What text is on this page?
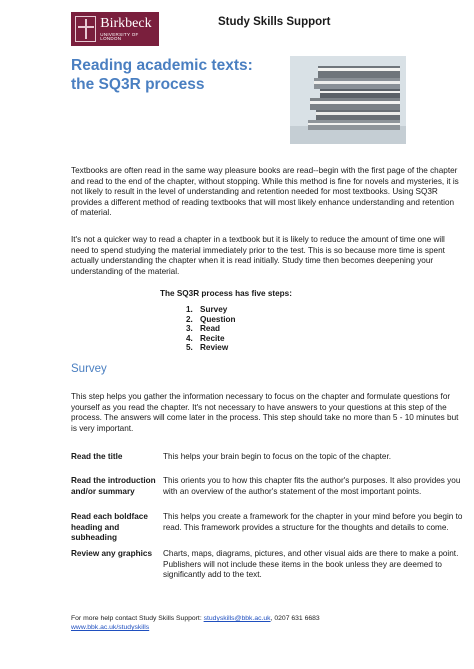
Birkbeck
UNIVERSITY OF LONDON
Study Skills Support
Reading academic texts:
the SQ3R process
Textbooks are often read in the same way pleasure books are read--begin with the first page of the chapter and read to the end of the chapter, without stopping. While this method is fine for novels and mysteries, it is not likely to result in the level of understanding and retention needed for most textbooks. Using SQ3R provides a different method of reading textbooks that will most likely enhance understanding and retention of material.
It's not a quicker way to read a chapter in a textbook but it is likely to reduce the amount of time one will need to spend studying the material immediately prior to the test. This is so because more time is spent actually understanding the chapter when it is read initially. Study time then becomes deepening your understanding of the material.
The SQ3R process has five steps:
1. Survey
2. Question
3. Read
4. Recite
5. Review
Survey
This step helps you gather the information necessary to focus on the chapter and formulate questions for yourself as you read the chapter. It's not necessary to have answers to your questions at this step of the process. The answers will come later in the process. This step should take no more than 5 - 10 minutes but is very important.
Read the title	This helps your brain begin to focus on the topic of the chapter.
Read the introduction and/or summary
This orients you to how this chapter fits the author's purposes. It also provides you with an overview of the author's statement of the most important points.
Read each boldface heading and subheading
This helps you create a framework for the chapter in your mind before you begin to read. This framework provides a structure for the thoughts and details to come.
Review any graphics	Charts, maps, diagrams, pictures, and other visual aids are there to make a point. Publishers will not include these items in the book unless they are deemed to significantly add to the text.
For more help contact Study Skills Support: studyskills@bbk.ac.uk, 0207 631 6683
www.bbk.ac.uk/studyskills
